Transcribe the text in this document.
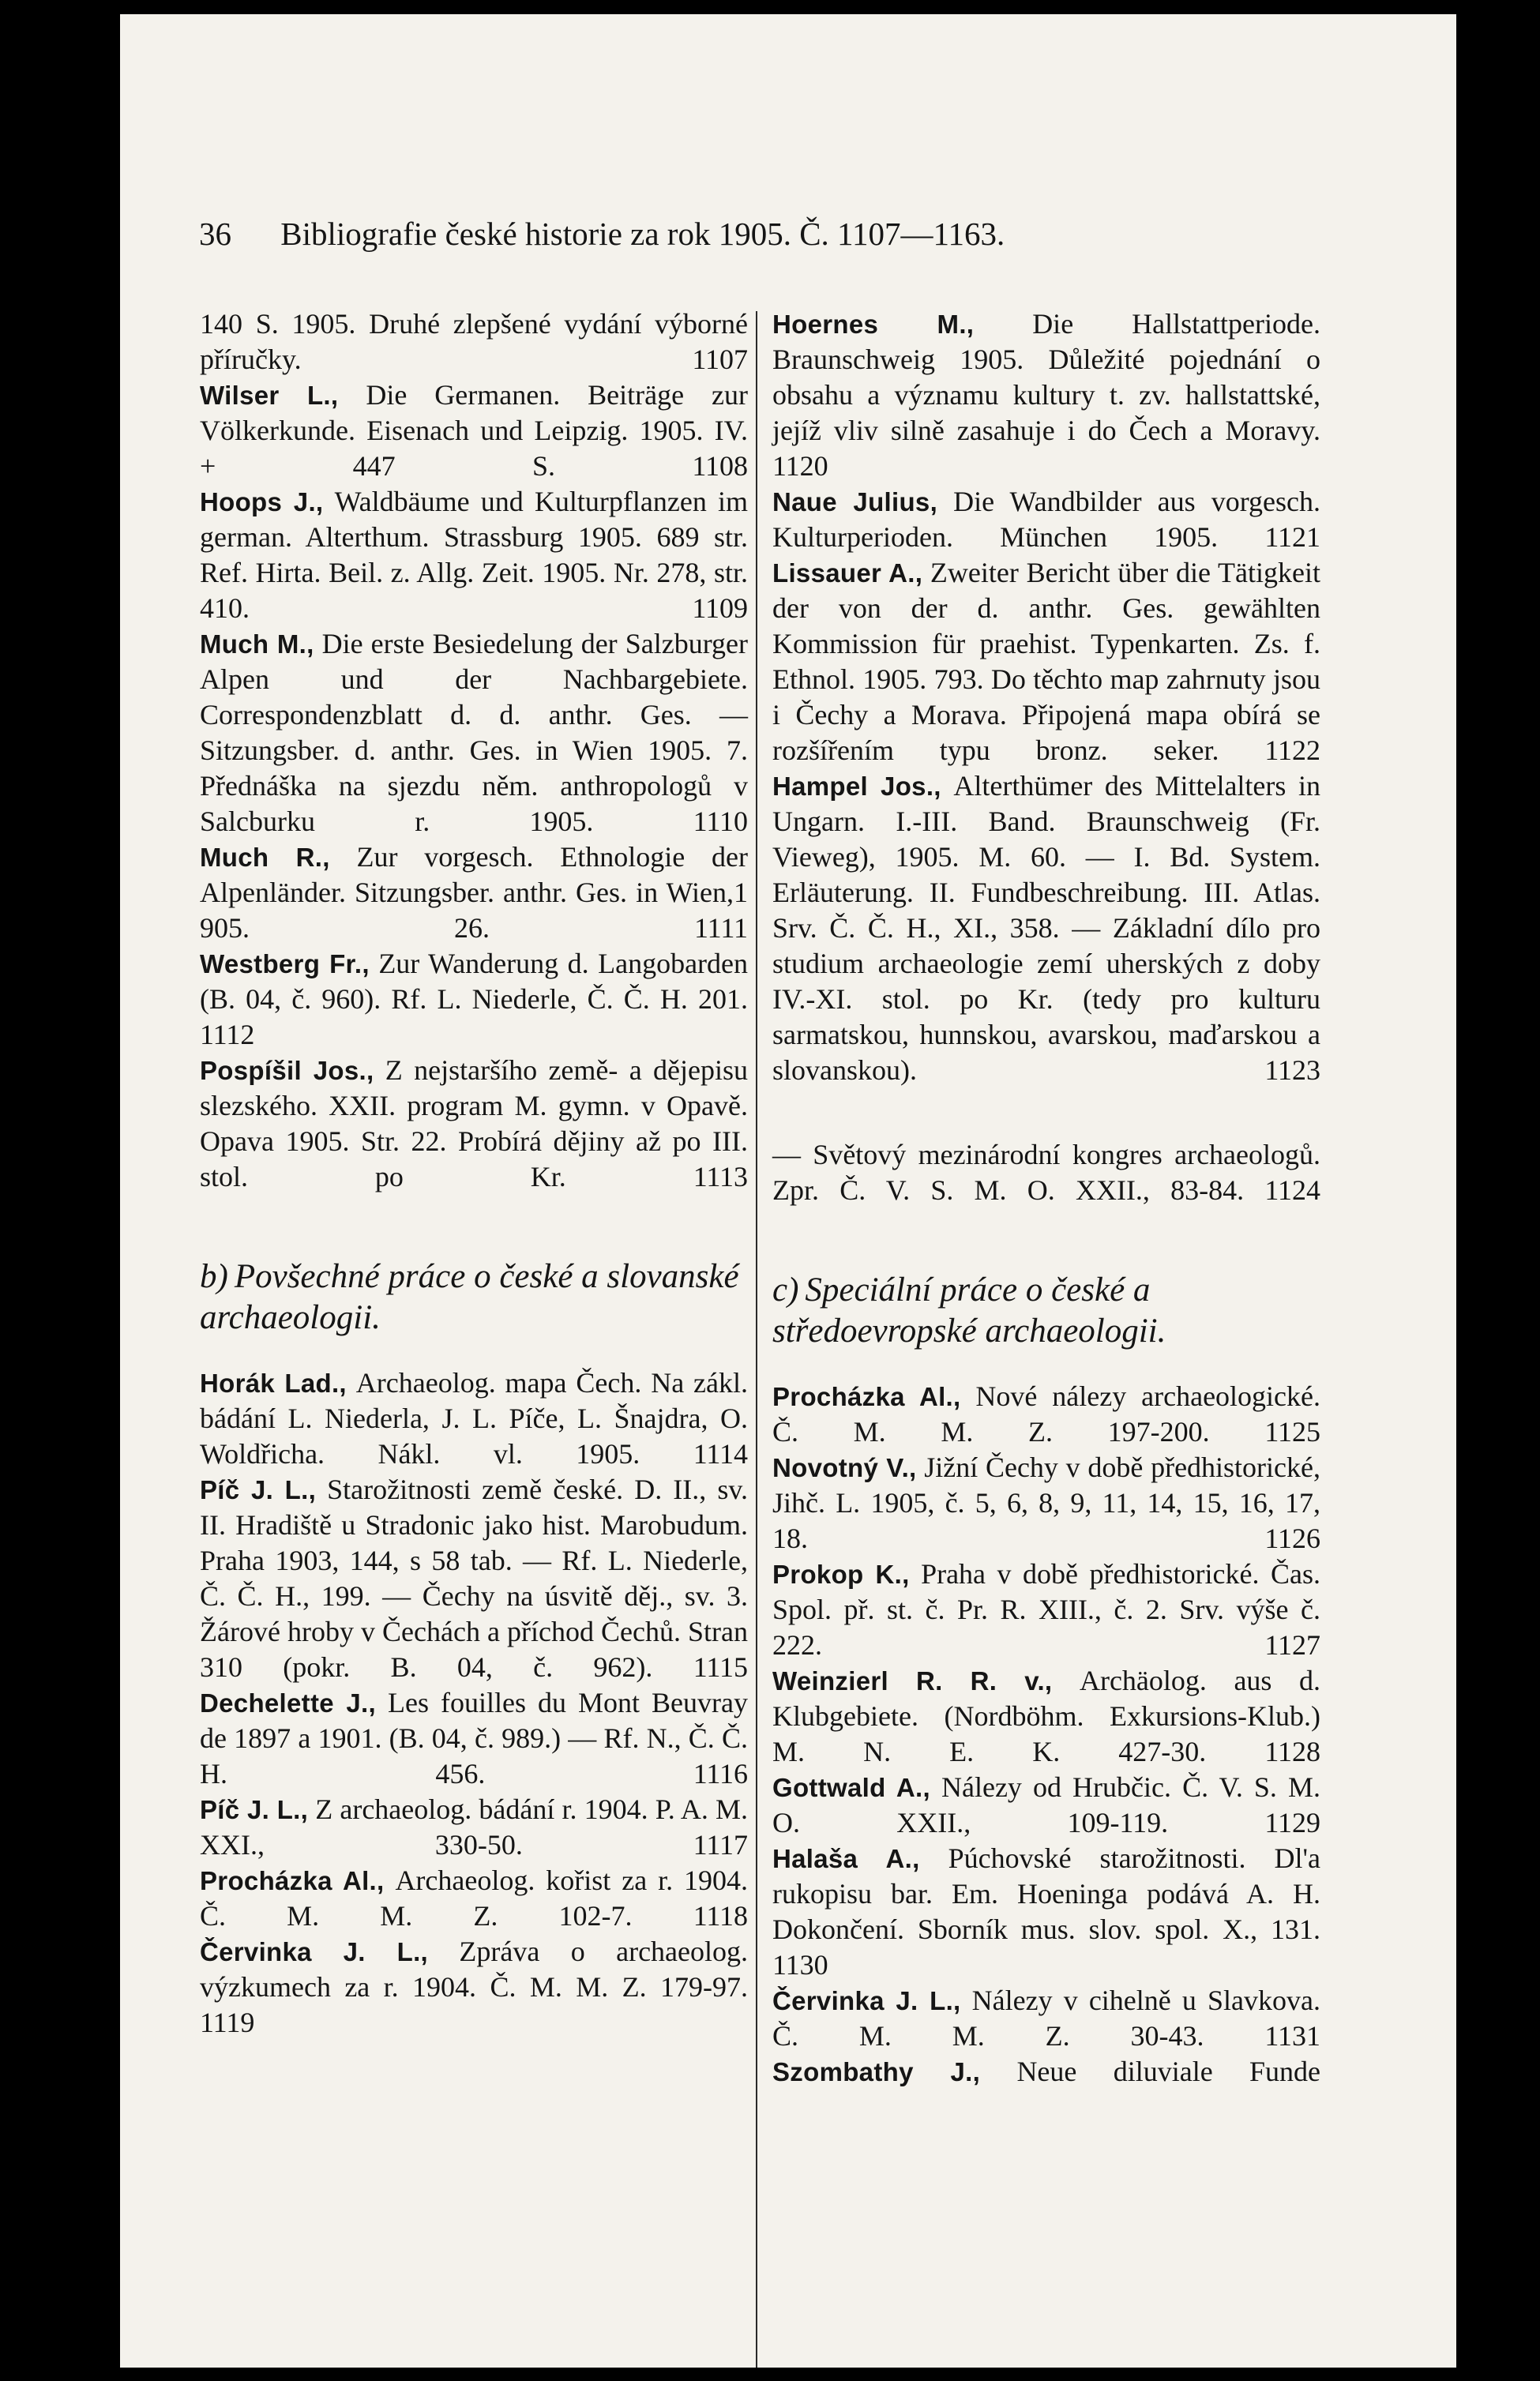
36 Bibliografie české historie za rok 1905. Č. 1107—1163.

140 S. 1905. Druhé zlepšené vydání výborné příručky.	1107

Wilser L., Die Germanen. Beiträge zur Völkerkunde. Eisenach und Leipzig. 1905. IV. + 447 S.	1108

Hoops J., Waldbäume und Kulturpflanzen im german. Alterthum. Strassburg 1905. 689 str. Ref. Hirta. Beil. z. Allg. Zeit. 1905. Nr. 278, str. 410.	1109

Much M., Die erste Besiedelung der Salzburger Alpen und der Nachbargebiete. Correspondenzblatt d. d. anthr. Ges. — Sitzungsber. d. anthr. Ges. in Wien 1905. 7. Přednáška na sjezdu něm. anthropologů v Salcburku r. 1905.	1110

Much R., Zur vorgesch. Ethnologie der Alpenländer. Sitzungsber. anthr. Ges. in Wien,1 905. 26.	1111

Westberg Fr., Zur Wanderung d. Langobarden (B. 04, č. 960). Rf. L. Niederle, Č. Č. H. 201. 1112

Pospíšil Jos., Z nejstaršího země- a dějepisu slezského. XXII. program M. gymn. v Opavě. Opava 1905. Str. 22. Probírá dějiny až po III. stol. po Kr.	1113

b) Povšechné práce o české a slovanské archaeologii.

Horák Lad., Archaeolog. mapa Čech. Na zákl. bádání L. Niederla, J. L. Píče, L. Šnajdra, O. Woldřicha. Nákl. vl. 1905. 1114

Píč J. L., Starožitnosti země české. D. II., sv. II. Hradiště u Stradonic jako hist. Marobudum. Praha 1903, 144, s 58 tab. — Rf. L. Niederle, Č. Č. H., 199. — Čechy na úsvitě děj., sv. 3. Žárové hroby v Čechách a příchod Čechů. Stran 310 (pokr. B. 04, č. 962). 1115

Dechelette J., Les fouilles du Mont Beuvray de 1897 a 1901. (B. 04, č. 989.) — Rf. N., Č. Č. H. 456.	1116

Píč J. L., Z archaeolog. bádání r. 1904. P. A. M. XXI., 330-50.	1117

Procházka Al., Archaeolog. kořist za r. 1904. Č. M. M. Z. 102-7. 1118

Červinka J. L., Zpráva o archaeolog. výzkumech za r. 1904. Č. M. M. Z. 179-97. 1119

Hoernes M., Die Hallstattperiode. Braunschweig 1905. Důležité pojednání o obsahu a významu kultury t. zv. hallstattské, jejíž vliv silně zasahuje i do Čech a Moravy. 1120

Naue Julius, Die Wandbilder aus vorgesch. Kulturperioden. München 1905. 1121

Lissauer A., Zweiter Bericht über die Tätigkeit der von der d. anthr. Ges. gewählten Kommission für praehist. Typenkarten. Zs. f. Ethnol. 1905. 793. Do těchto map zahrnuty jsou i Čechy a Morava. Připojená mapa obírá se rozšířením typu bronz. seker. 1122

Hampel Jos., Alterthümer des Mittelalters in Ungarn. I.-III. Band. Braunschweig (Fr. Vieweg), 1905. M. 60. — I. Bd. System. Erläuterung. II. Fundbeschreibung. III. Atlas. Srv. Č. Č. H., XI., 358. — Základní dílo pro studium archaeologie zemí uherských z doby IV.-XI. stol. po Kr. (tedy pro kulturu sarmatskou, hunnskou, avarskou, maďarskou a slovanskou).	1123

— Světový mezinárodní kongres archaeologů. Zpr. Č. V. S. M. O. XXII., 83-84. 1124

c) Speciální práce o české a středoevropské archaeologii.

Procházka Al., Nové nálezy archaeologické. Č. M. M. Z. 197-200. 1125

Novotný V., Jižní Čechy v době předhistorické, Jihč. L. 1905, č. 5, 6, 8, 9, 11, 14, 15, 16, 17, 18.	1126

Prokop K., Praha v době předhistorické. Čas. Spol. př. st. č. Pr. R. XIII., č. 2. Srv. výše č. 222.	1127

Weinzierl R. R. v., Archäolog. aus d. Klubgebiete. (Nordböhm. Exkursions-Klub.) M. N. E. K. 427-30. 1128

Gottwald A., Nálezy od Hrubčic. Č. V. S. M. O. XXII., 109-119.	1129

Halaša A., Púchovské starožitnosti. Dl'a rukopisu bar. Em. Hoeninga podává A. H. Dokončení. Sborník mus. slov. spol. X., 131. 1130

Červinka J. L., Nálezy v cihelně u Slavkova. Č. M. M. Z. 30-43. 1131

Szombathy J., Neue diluviale Funde
